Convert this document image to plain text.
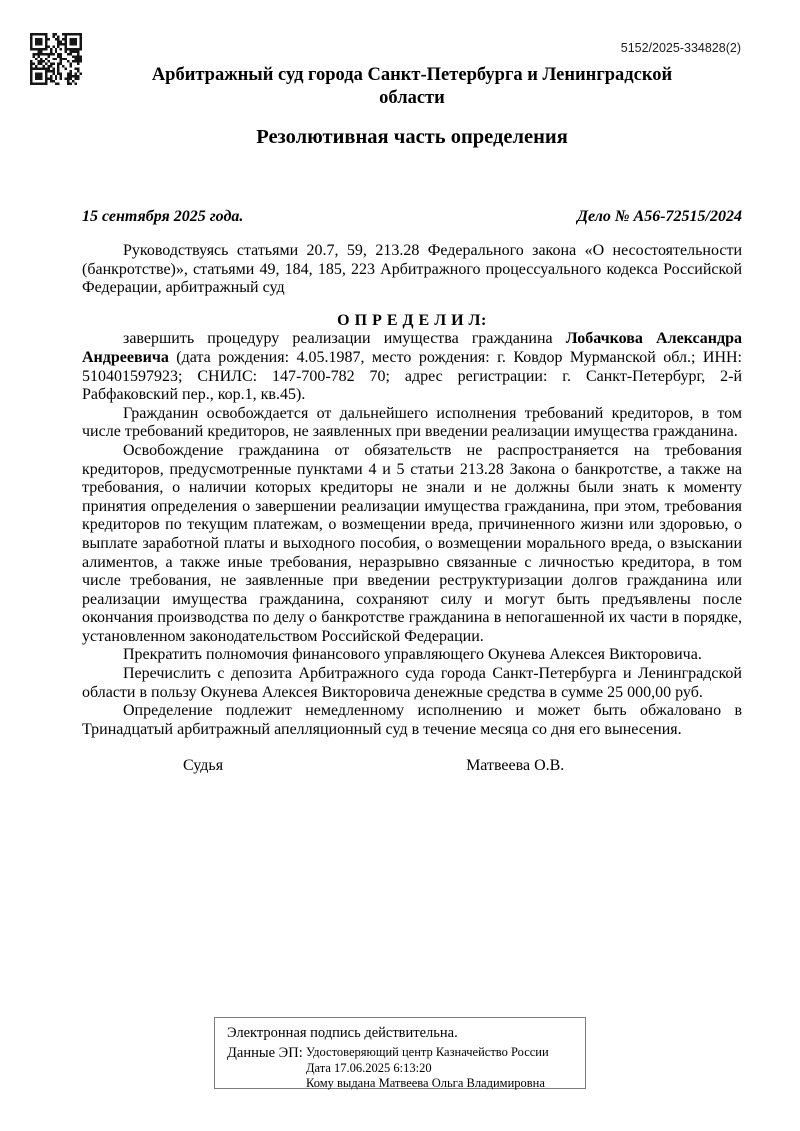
5152/2025-334828(2)
Арбитражный суд города Санкт-Петербурга и Ленинградской области
Резолютивная часть определения
15 сентября 2025 года.	Дело № А56-72515/2024

Руководствуясь статьями 20.7, 59, 213.28 Федерального закона «О несостоятельности (банкротстве)», статьями 49, 184, 185, 223 Арбитражного процессуального кодекса Российской Федерации, арбитражный суд

О П Р Е Д Е Л И Л:

завершить процедуру реализации имущества гражданина Лобачкова Александра Андреевича (дата рождения: 4.05.1987, место рождения: г. Ковдор Мурманской обл.; ИНН: 510401597923; СНИЛС: 147-700-782 70; адрес регистрации: г. Санкт-Петербург, 2-й Рабфаковский пер., кор.1, кв.45).

Гражданин освобождается от дальнейшего исполнения требований кредиторов, в том числе требований кредиторов, не заявленных при введении реализации имущества гражданина.

Освобождение гражданина от обязательств не распространяется на требования кредиторов, предусмотренные пунктами 4 и 5 статьи 213.28 Закона о банкротстве, а также на требования, о наличии которых кредиторы не знали и не должны были знать к моменту принятия определения о завершении реализации имущества гражданина, при этом, требования кредиторов по текущим платежам, о возмещении вреда, причиненного жизни или здоровью, о выплате заработной платы и выходного пособия, о возмещении морального вреда, о взыскании алиментов, а также иные требования, неразрывно связанные с личностью кредитора, в том числе требования, не заявленные при введении реструктуризации долгов гражданина или реализации имущества гражданина, сохраняют силу и могут быть предъявлены после окончания производства по делу о банкротстве гражданина в непогашенной их части в порядке, установленном законодательством Российской Федерации.

Прекратить полномочия финансового управляющего Окунева Алексея Викторовича.

Перечислить с депозита Арбитражного суда города Санкт-Петербурга и Ленинградской области в пользу Окунева Алексея Викторовича денежные средства в сумме 25 000,00 руб.

Определение подлежит немедленному исполнению и может быть обжаловано в Тринадцатый арбитражный апелляционный суд в течение месяца со дня его вынесения.

Судья	Матвеева О.В.
Электронная подпись действительна.
Данные ЭП: Удостоверяющий центр Казначейство России
Дата 17.06.2025 6:13:20
Кому выдана Матвеева Ольга Владимировна
